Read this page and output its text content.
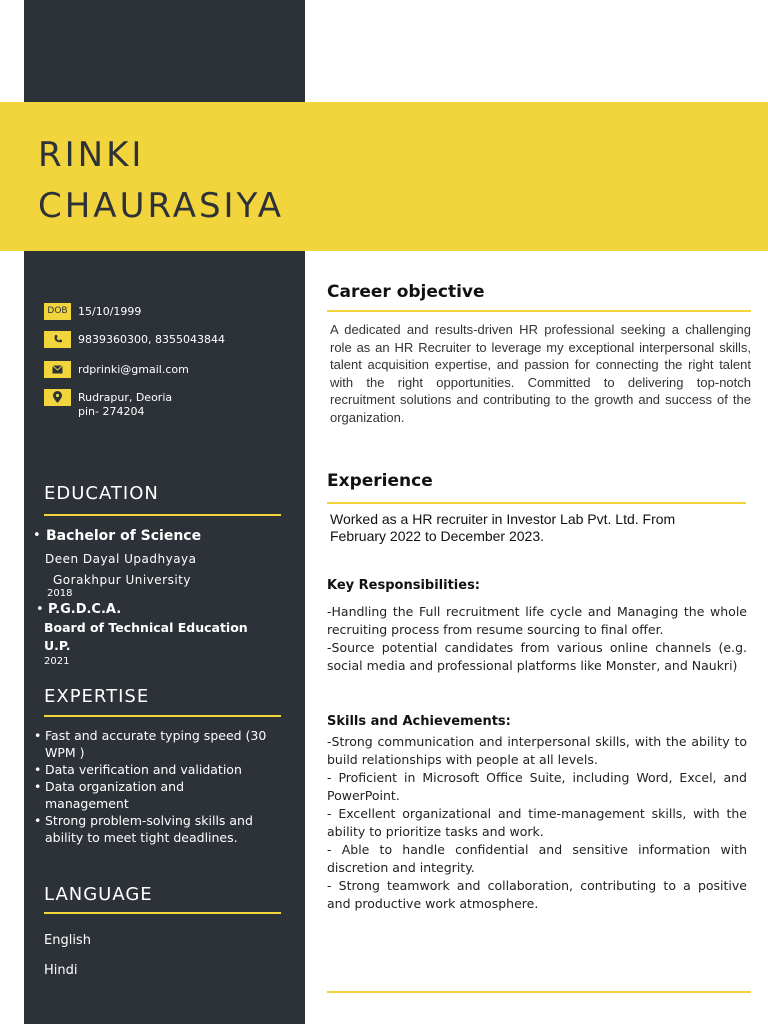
RINKI
CHAURASIYA
DOB 15/10/1999
9839360300, 8355043844
rdprinki@gmail.com
Rudrapur, Deoria
pin- 274204
EDUCATION
• Bachelor of Science
Deen Dayal Upadhyaya
Gorakhpur University
2018
• P.G.D.C.A.
Board of Technical Education
U.P.
2021
EXPERTISE
• Fast and accurate typing speed (30 WPM )
• Data verification and validation
• Data organization and management
• Strong problem-solving skills and ability to meet tight deadlines.
LANGUAGE
English
Hindi
Career objective

A dedicated and results-driven HR professional seeking a challenging role as an HR Recruiter to leverage my exceptional interpersonal skills, talent acquisition expertise, and passion for connecting the right talent with the right opportunities. Committed to delivering top-notch recruitment solutions and contributing to the growth and success of the organization.

Experience

Worked as a HR recruiter in Investor Lab Pvt. Ltd. From February 2022 to December 2023.

Key Responsibilities:
-Handling the Full recruitment life cycle and Managing the whole recruiting process from resume sourcing to final offer.
-Source potential candidates from various online channels (e.g. social media and professional platforms like Monster, and Naukri)
Skills and Achievements:
-Strong communication and interpersonal skills, with the ability to build relationships with people at all levels.
- Proficient in Microsoft Office Suite, including Word, Excel, and PowerPoint.
- Excellent organizational and time-management skills, with the ability to prioritize tasks and work.
- Able to handle confidential and sensitive information with discretion and integrity.
- Strong teamwork and collaboration, contributing to a positive and productive work atmosphere.
